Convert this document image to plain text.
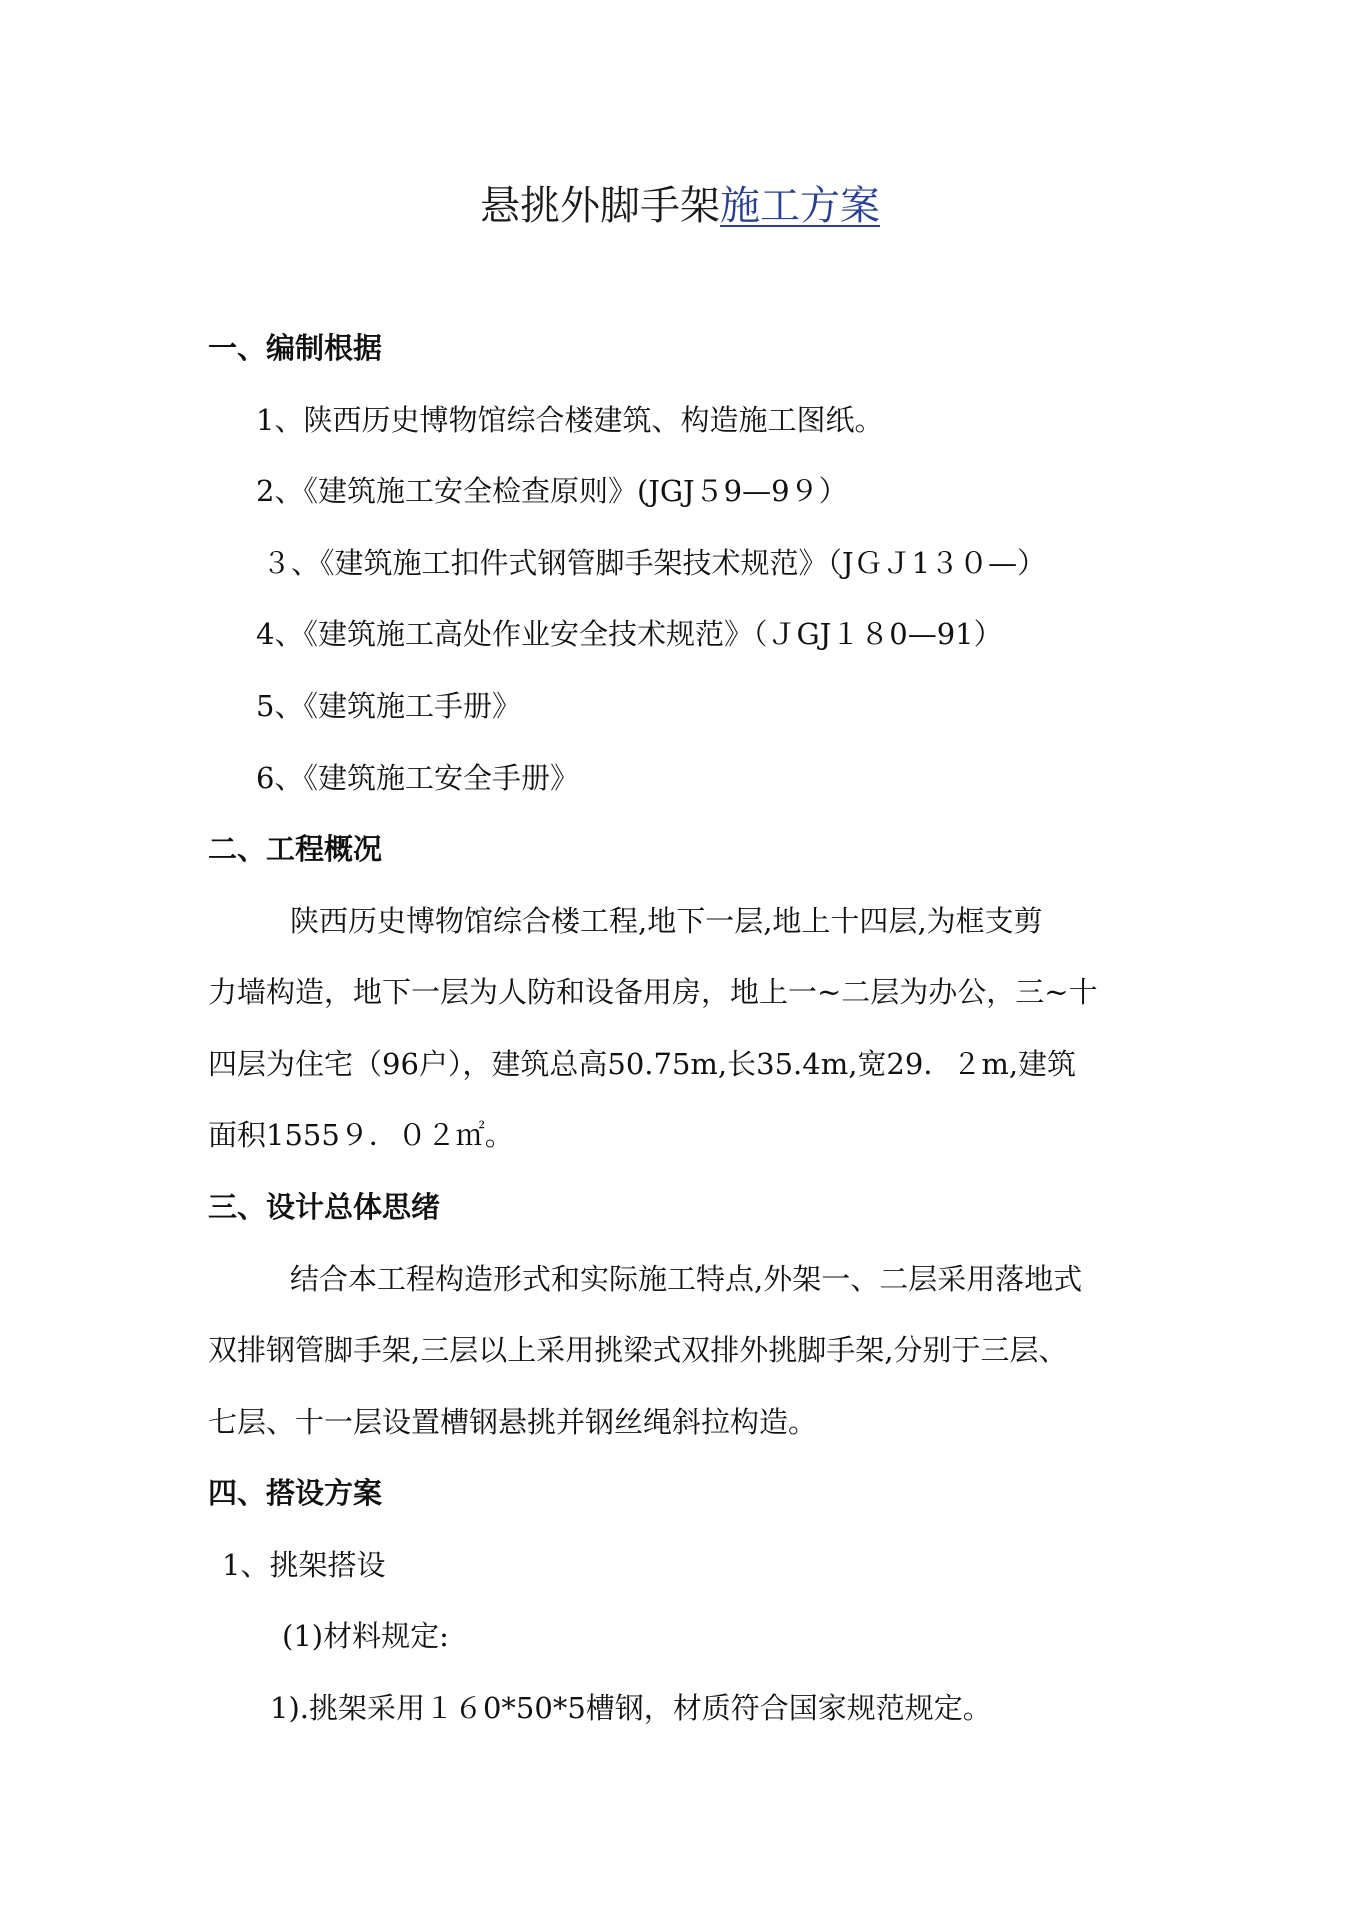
悬挑外脚手架施工方案
一、编制根据
1、陕西历史博物馆综合楼建筑、构造施工图纸。
2、《建筑施工安全检查原则》(JGJ５9—9９）
３、《建筑施工扣件式钢管脚手架技术规范》（JＧＪ1３０—）
4、《建筑施工高处作业安全技术规范》（ＪGJ１８0—91）
5、《建筑施工手册》
6、《建筑施工安全手册》
二、工程概况
陕西历史博物馆综合楼工程,地下一层,地上十四层,为框支剪
力墙构造，地下一层为人防和设备用房，地上一~二层为办公，三~十
四层为住宅（96户），建筑总高50.75m,长35.4m,宽29．２m,建筑
面积1555９．０２㎡。
三、设计总体思绪
结合本工程构造形式和实际施工特点,外架一、二层采用落地式
双排钢管脚手架,三层以上采用挑梁式双排外挑脚手架,分别于三层、
七层、十一层设置槽钢悬挑并钢丝绳斜拉构造。
四、搭设方案
1、挑架搭设
(1)材料规定:
1).挑架采用１６0*50*5槽钢，材质符合国家规范规定。
